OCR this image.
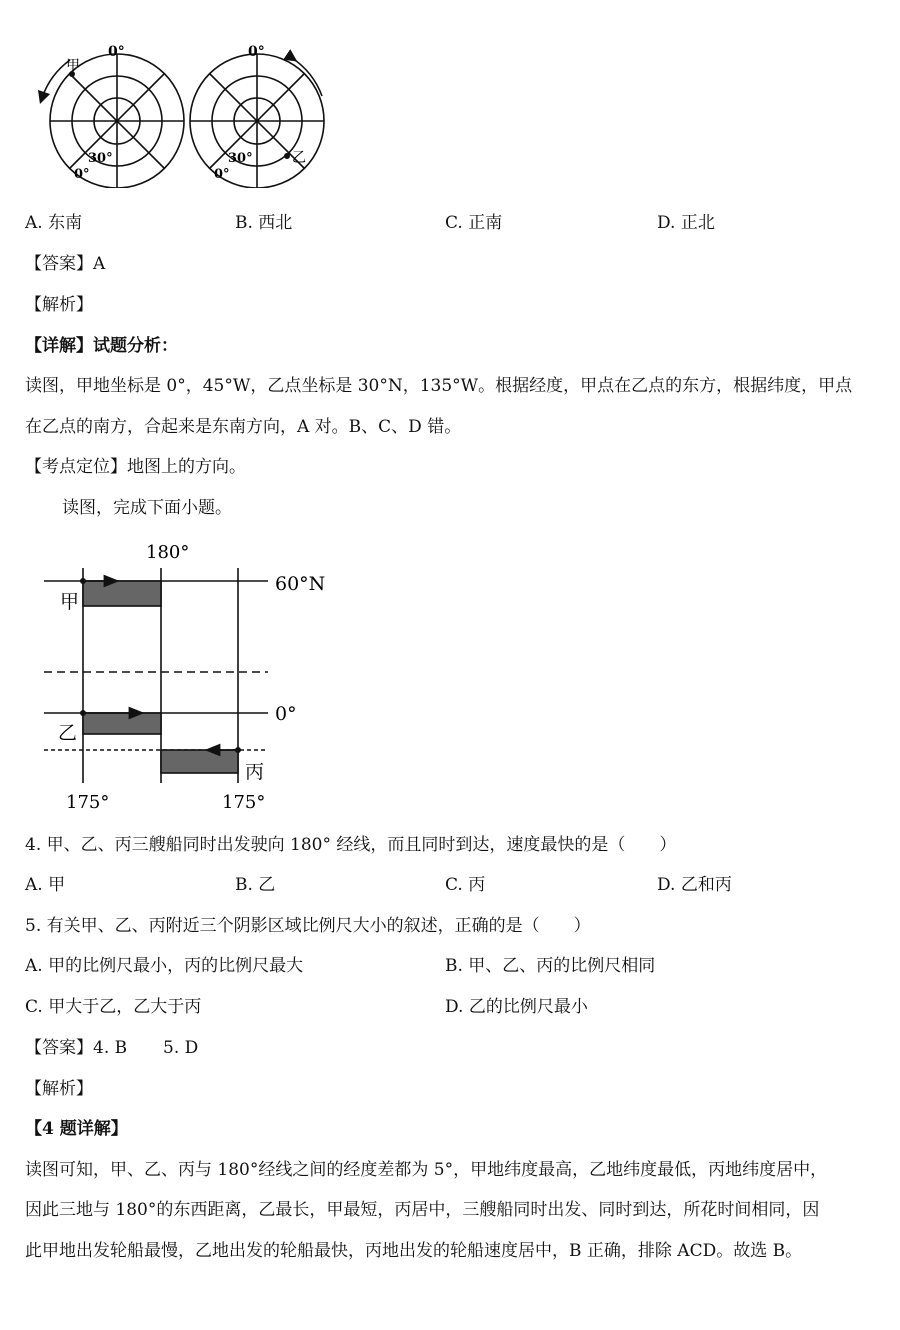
0°
30°
0°
甲
0°
30°
0°
乙
A. 东南	B. 西北	C. 正南	D. 正北
【答案】A
【解析】
【详解】试题分析：
读图，甲地坐标是 0°，45°W，乙点坐标是 30°N，135°W。根据经度，甲点在乙点的东方，根据纬度，甲点
在乙点的南方，合起来是东南方向，A 对。B、C、D 错。
【考点定位】地图上的方向。
读图，完成下面小题。
180°
60°N
0°
175°	175°
甲
乙
丙
4. 甲、乙、丙三艘船同时出发驶向 180° 经线，而且同时到达，速度最快的是（　　）
A. 甲	B. 乙	C. 丙	D. 乙和丙
5. 有关甲、乙、丙附近三个阴影区域比例尺大小的叙述，正确的是（　　）
A. 甲的比例尺最小，丙的比例尺最大	B. 甲、乙、丙的比例尺相同
C. 甲大于乙，乙大于丙	D. 乙的比例尺最小
【答案】4. B 5. D
【解析】
【4 题详解】
读图可知，甲、乙、丙与 180°经线之间的经度差都为 5°，甲地纬度最高，乙地纬度最低，丙地纬度居中，
因此三地与 180°的东西距离，乙最长，甲最短，丙居中，三艘船同时出发、同时到达，所花时间相同，因
此甲地出发轮船最慢，乙地出发的轮船最快，丙地出发的轮船速度居中，B 正确，排除 ACD。故选 B。
